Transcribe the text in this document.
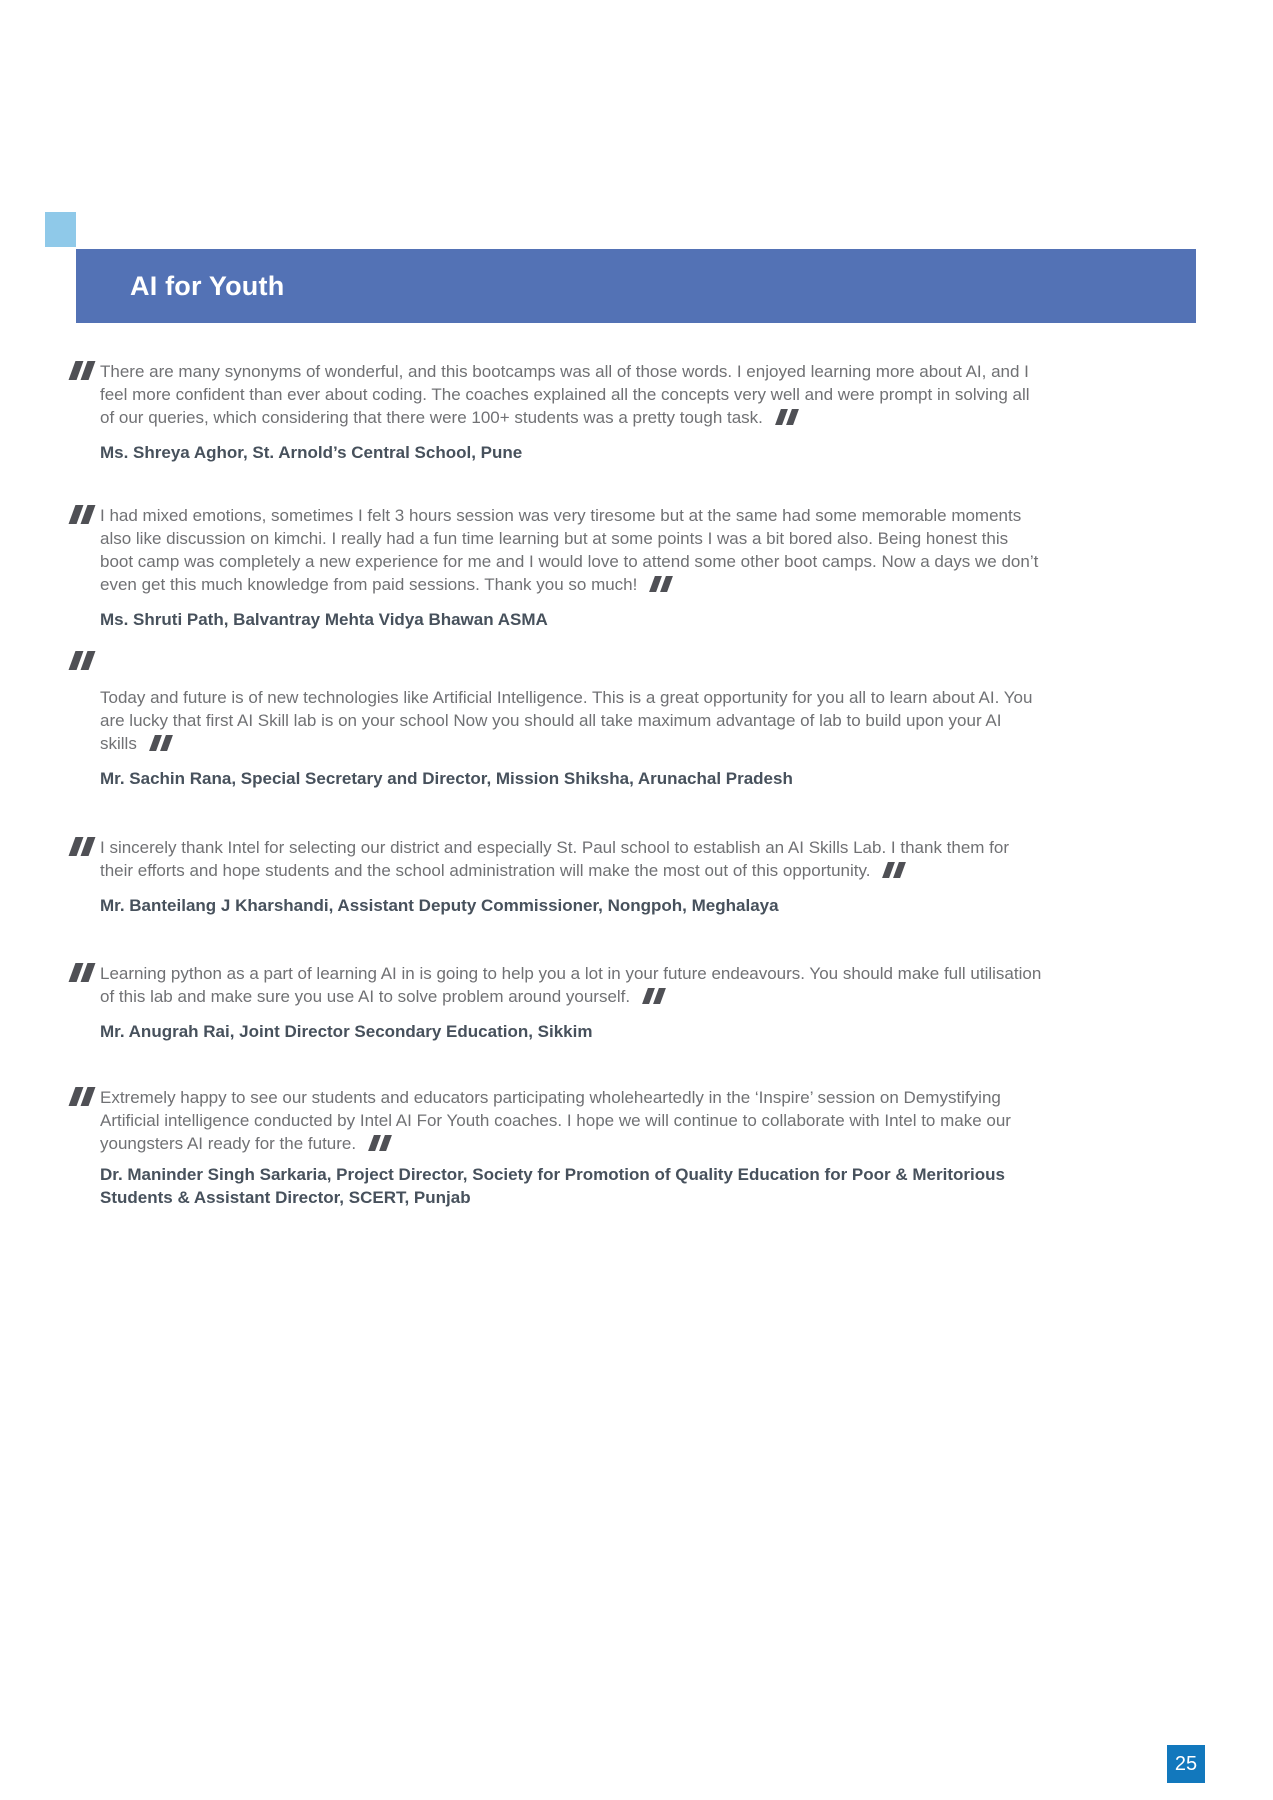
AI for Youth
There are many synonyms of wonderful, and this bootcamps was all of those words. I enjoyed learning more about AI, and I feel more confident than ever about coding. The coaches explained all the concepts very well and were prompt in solving all of our queries, which considering that there were 100+ students was a pretty tough task.
Ms. Shreya Aghor, St. Arnold’s Central School, Pune
I had mixed emotions, sometimes I felt 3 hours session was very tiresome but at the same had some memorable moments also like discussion on kimchi. I really had a fun time learning but at some points I was a bit bored also. Being honest this boot camp was completely a new experience for me and I would love to attend some other boot camps. Now a days we don’t even get this much knowledge from paid sessions. Thank you so much!
Ms. Shruti Path, Balvantray Mehta Vidya Bhawan ASMA
Today and future is of new technologies like Artificial Intelligence. This is a great opportunity for you all to learn about AI. You are lucky that first AI Skill lab is on your school Now you should all take maximum advantage of lab to build upon your AI skills
Mr. Sachin Rana, Special Secretary and Director, Mission Shiksha, Arunachal Pradesh
I sincerely thank Intel for selecting our district and especially St. Paul school to establish an AI Skills Lab. I thank them for their efforts and hope students and the school administration will make the most out of this opportunity.
Mr. Banteilang J Kharshandi, Assistant Deputy Commissioner, Nongpoh, Meghalaya
Learning python as a part of learning AI in is going to help you a lot in your future endeavours. You should make full utilisation of this lab and make sure you use AI to solve problem around yourself.
Mr. Anugrah Rai, Joint Director Secondary Education, Sikkim
Extremely happy to see our students and educators participating wholeheartedly in the ‘Inspire’ session on Demystifying Artificial intelligence conducted by Intel AI For Youth coaches. I hope we will continue to collaborate with Intel to make our youngsters AI ready for the future.
Dr. Maninder Singh Sarkaria, Project Director, Society for Promotion of Quality Education for Poor & Meritorious Students & Assistant Director, SCERT, Punjab
25
